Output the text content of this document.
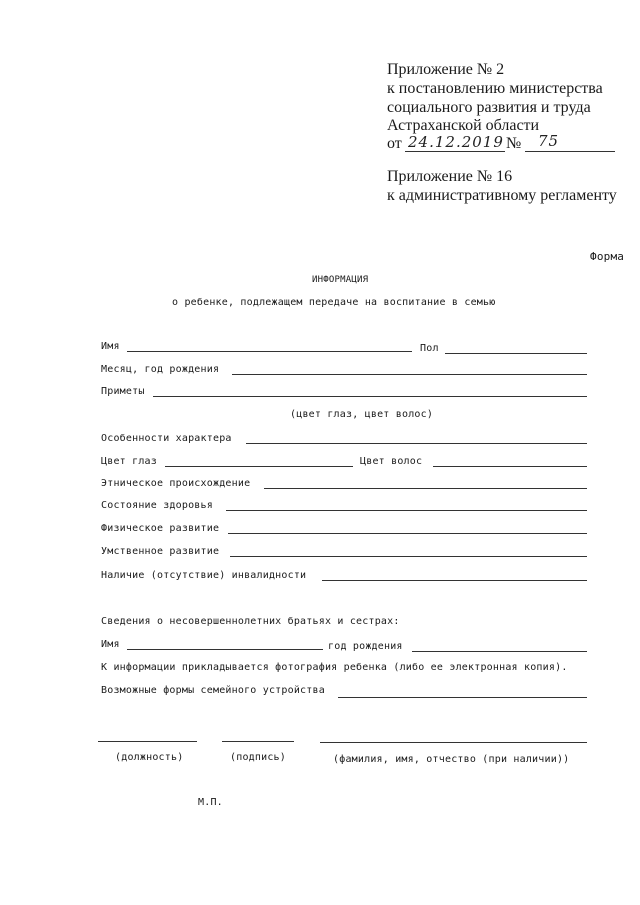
Приложение № 2
к постановлению министерства
социального развития и труда
Астраханской области
от 24.12.2019 № 75
Приложение № 16
к административному регламенту
Форма
ИНФОРМАЦИЯ
о ребенке, подлежащем передаче на воспитание в семью
Имя	Пол
Месяц, год рождения
Приметы
(цвет глаз, цвет волос)
Особенности характера
Цвет глаз	Цвет волос
Этническое происхождение
Состояние здоровья
Физическое развитие
Умственное развитие
Наличие (отсутствие) инвалидности
Сведения о несовершеннолетних братьях и сестрах:
Имя	год рождения
К информации прикладывается фотография ребенка (либо ее электронная копия).
Возможные формы семейного устройства
(должность)	(подпись)	(фамилия, имя, отчество (при наличии))
М.П.
